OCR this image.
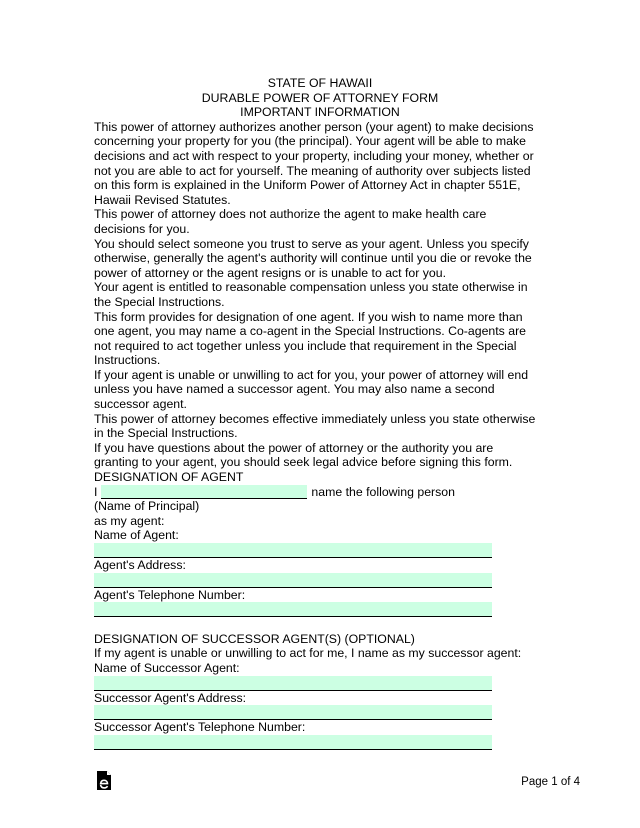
STATE OF HAWAII
DURABLE POWER OF ATTORNEY FORM
IMPORTANT INFORMATION
This power of attorney authorizes another person (your agent) to make decisions
concerning your property for you (the principal). Your agent will be able to make
decisions and act with respect to your property, including your money, whether or
not you are able to act for yourself. The meaning of authority over subjects listed
on this form is explained in the Uniform Power of Attorney Act in chapter 551E,
Hawaii Revised Statutes.
This power of attorney does not authorize the agent to make health care
decisions for you.
You should select someone you trust to serve as your agent. Unless you specify
otherwise, generally the agent's authority will continue until you die or revoke the
power of attorney or the agent resigns or is unable to act for you.
Your agent is entitled to reasonable compensation unless you state otherwise in
the Special Instructions.
This form provides for designation of one agent. If you wish to name more than
one agent, you may name a co-agent in the Special Instructions. Co-agents are
not required to act together unless you include that requirement in the Special
Instructions.
If your agent is unable or unwilling to act for you, your power of attorney will end
unless you have named a successor agent. You may also name a second
successor agent.
This power of attorney becomes effective immediately unless you state otherwise
in the Special Instructions.
If you have questions about the power of attorney or the authority you are
granting to your agent, you should seek legal advice before signing this form.
DESIGNATION OF AGENT
I	name the following person
(Name of Principal)
as my agent:
Name of Agent:
Agent's Address:
Agent's Telephone Number:
DESIGNATION OF SUCCESSOR AGENT(S) (OPTIONAL)
If my agent is unable or unwilling to act for me, I name as my successor agent:
Name of Successor Agent:
Successor Agent's Address:
Successor Agent's Telephone Number:
Page 1 of 4
